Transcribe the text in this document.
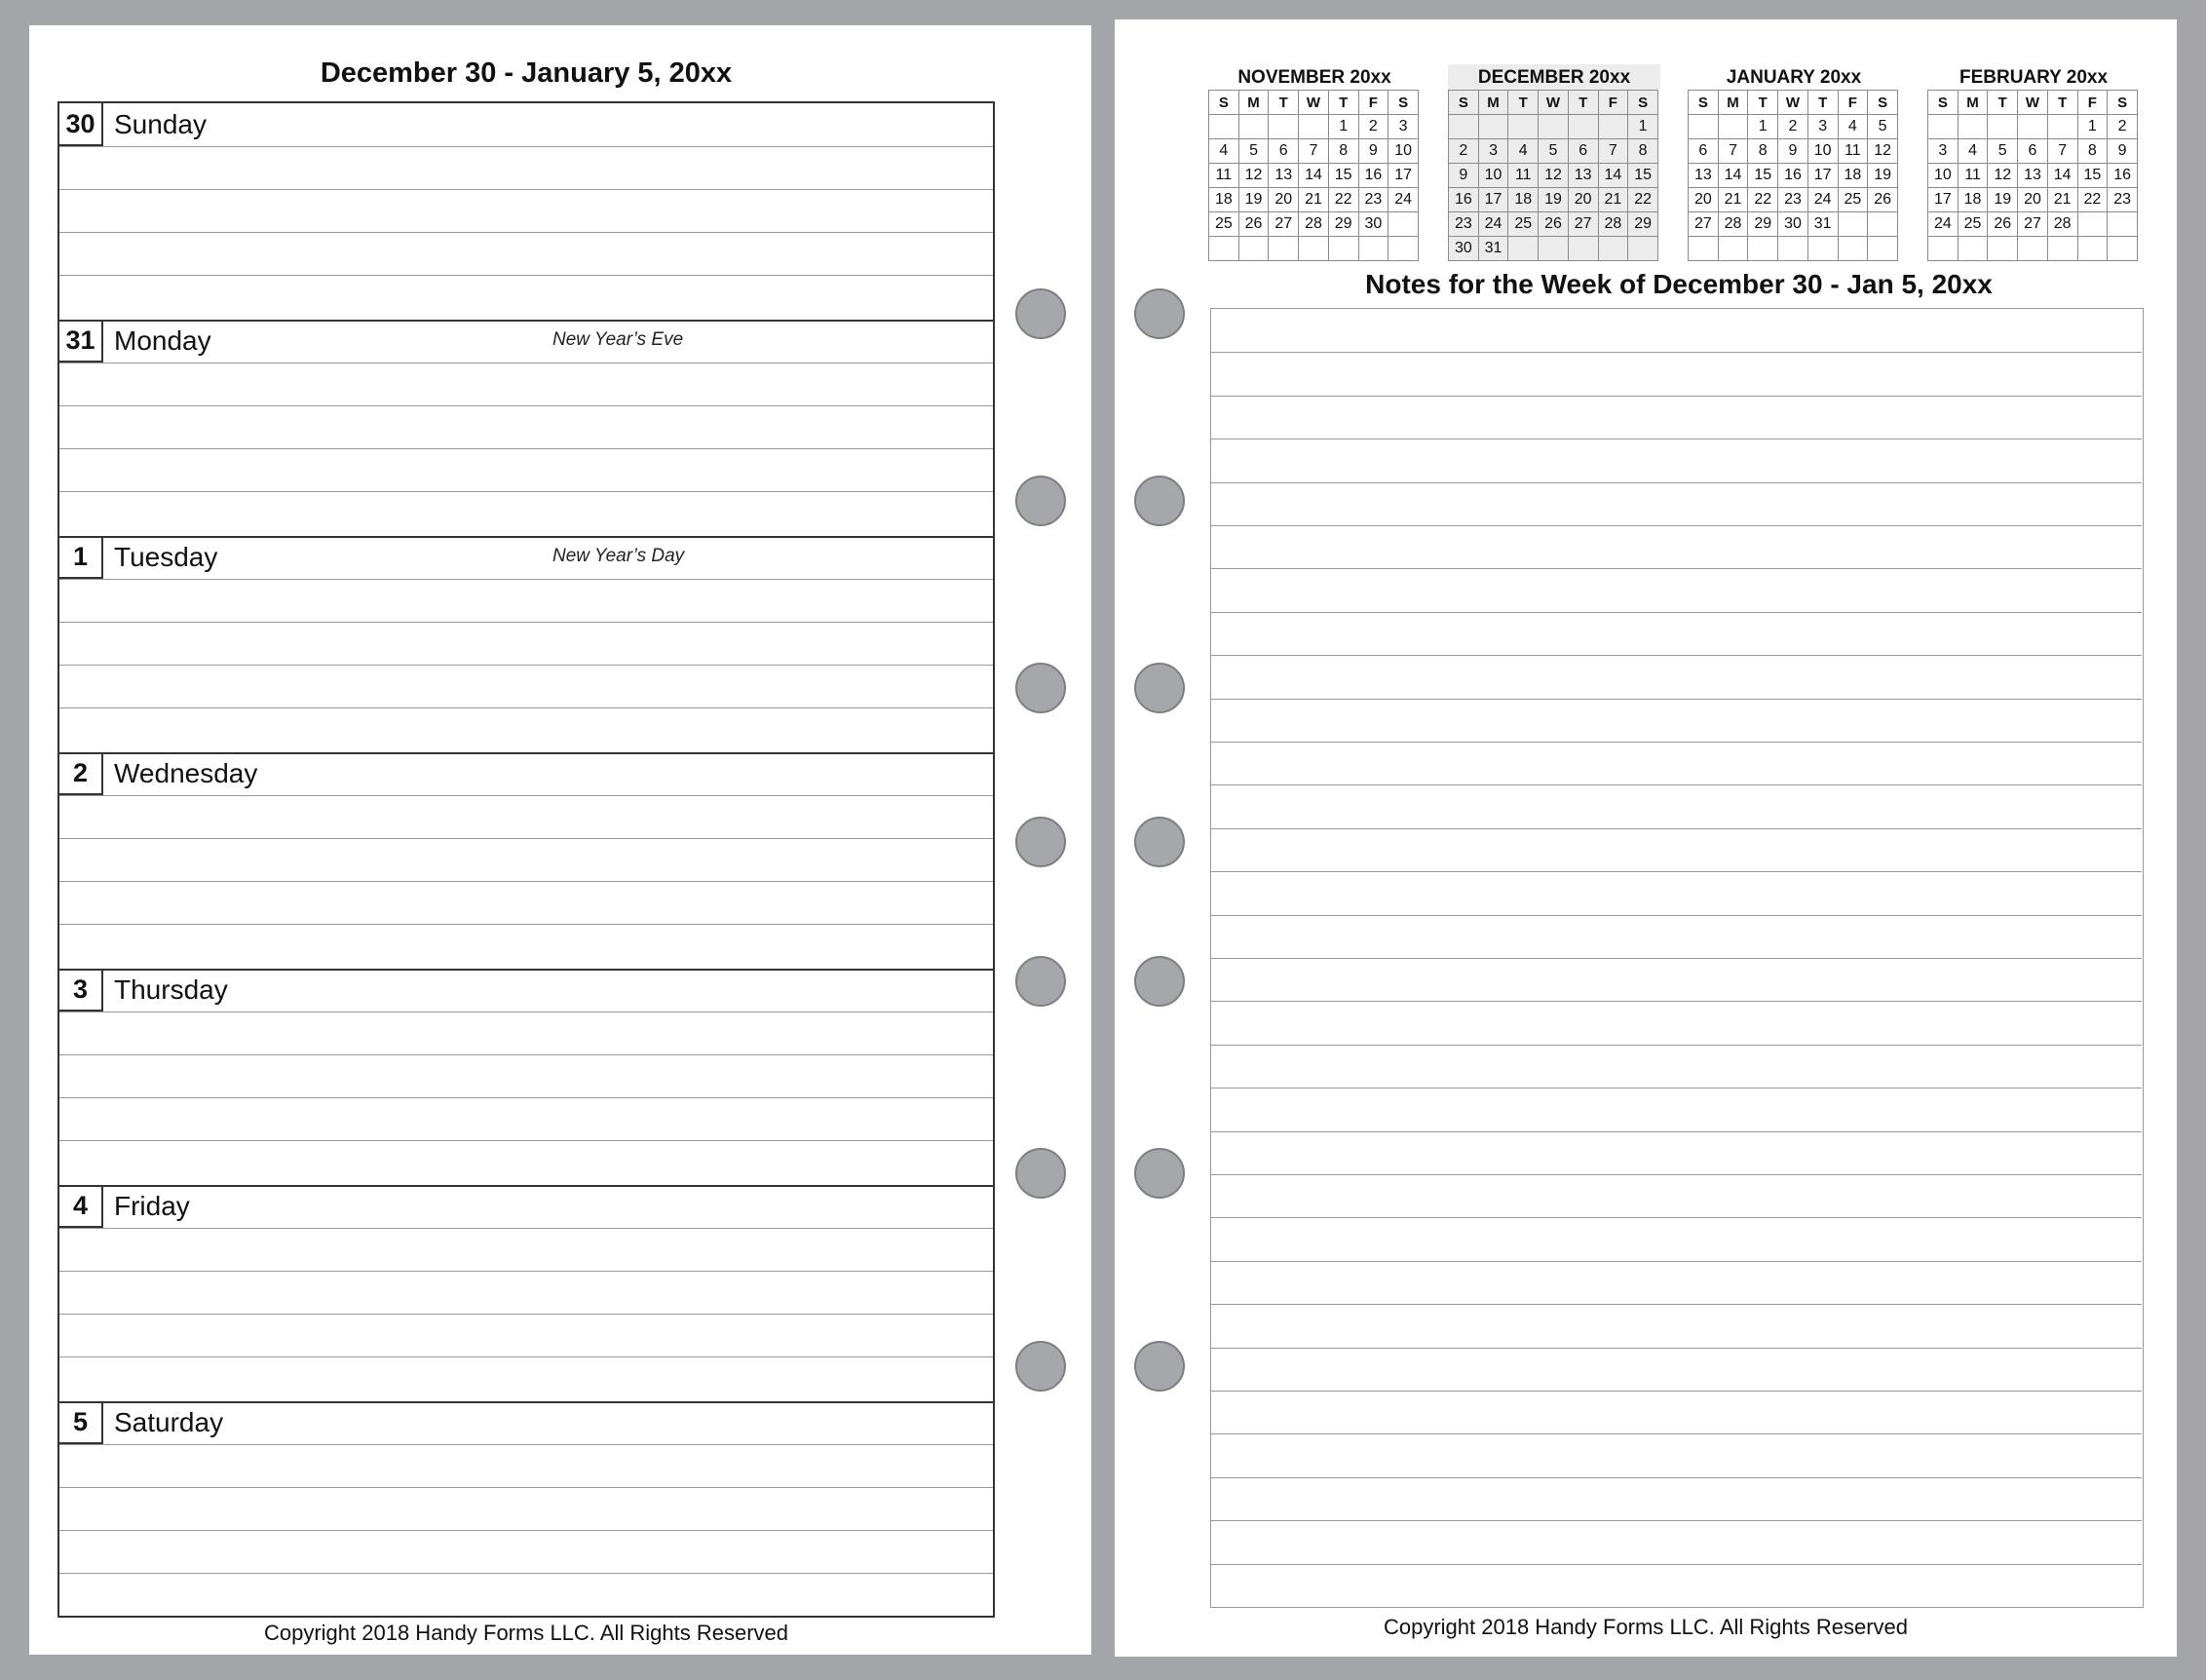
December 30 - January 5, 20xx
30 Sunday
31 Monday	New Year’s Eve
1 Tuesday	New Year’s Day
2 Wednesday
3 Thursday
4 Friday
5 Saturday
Copyright 2018 Handy Forms LLC. All Rights Reserved
NOVEMBER 20xx
S	M	T	W	T	F	S
				1	2	3
4	5	6	7	8	9	10
11	12	13	14	15	16	17
18	19	20	21	22	23	24
25	26	27	28	29	30	

DECEMBER 20xx
S	M	T	W	T	F	S
						1
2	3	4	5	6	7	8
9	10	11	12	13	14	15
16	17	18	19	20	21	22
23	24	25	26	27	28	29
30	31					
JANUARY 20xx
S	M	T	W	T	F	S
		1	2	3	4	5
6	7	8	9	10	11	12
13	14	15	16	17	18	19
20	21	22	23	24	25	26
27	28	29	30	31		

FEBRUARY 20xx
S	M	T	W	T	F	S
					1	2
3	4	5	6	7	8	9
10	11	12	13	14	15	16
17	18	19	20	21	22	23
24	25	26	27	28		

Notes for the Week of December 30 - Jan 5, 20xx
Copyright 2018 Handy Forms LLC. All Rights Reserved
